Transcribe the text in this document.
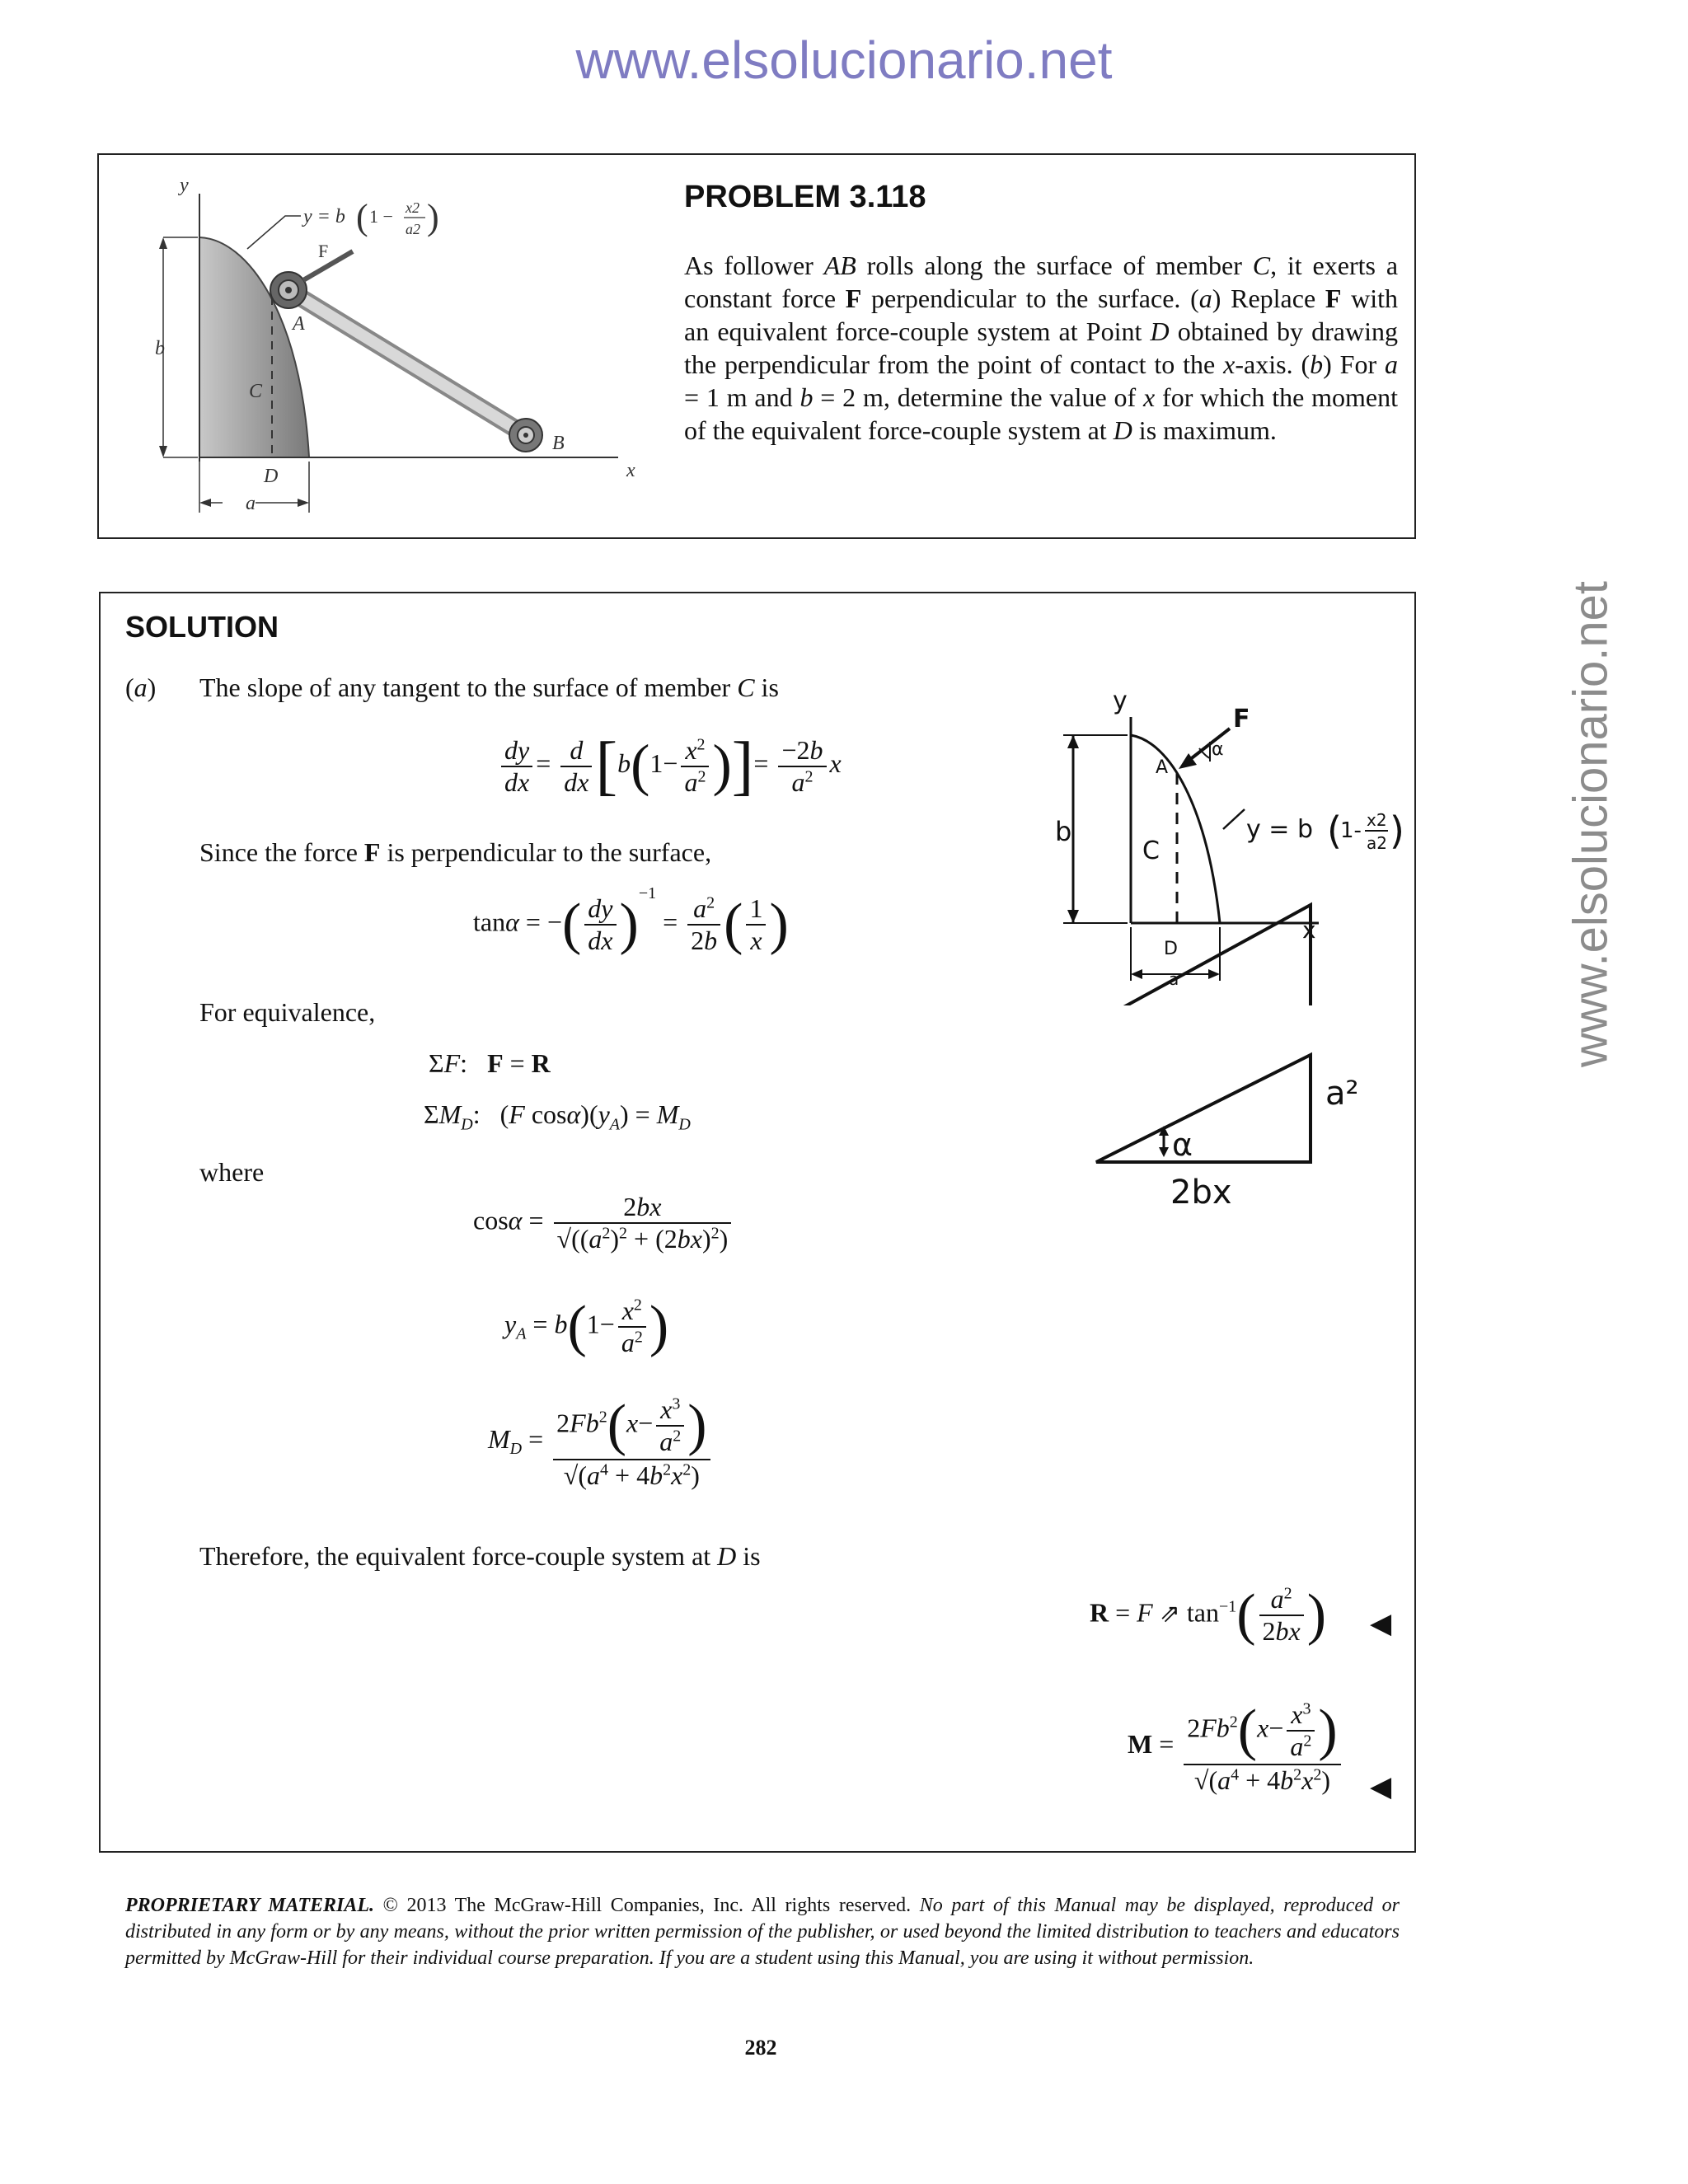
www.elsolucionario.net
www.elsolucionario.net
y
x
b
a
C
D
A
B
F
y = b ( 1 − x2
a2 )	PROBLEM 3.118
As follower AB rolls along the surface of member C, it exerts a constant force F perpendicular to the surface. (a) Replace F with an equivalent force-couple system at Point D obtained by drawing the perpendicular from the point of contact to the x-axis. (b) For a = 1 m and b = 2 m, determine the value of x for which the moment of the equivalent force-couple system at D is maximum.
SOLUTION
(a) The slope of any tangent to the surface of member C is
$\frac{dy}{dx} = \frac{d}{dx} [b(1- \frac{x^2}{a^2}$ )]= $\frac{-2b}{a^2}$ x
Since the force F is perpendicular to the surface,
tanα = −( $\frac{dy}{dx} )^{-1} = \frac{a^2}{2b}$ ( $\frac{1}{x}$ )
For equivalence,
ΣF:   F = R
$\Sigma M_D$:   (F $\cos\alpha)(y_A) = M_D$
where
$\cos\alpha = \frac{2bx}{√((a^2)^2 + (2bx)^2)}$
$y_A = b(1- \frac{x^2}{a^2}$ )
$M_D = \frac{2Fb^2(x- \frac{x^3}{a^2} )}{√(a^4 + 4b^2x^2)}$
Therefore, the equivalent force-couple system at D is
R = F ⇗ $\tan^{-1}( \frac{a^2}{2bx}$ ) ◀
$M = \frac{2Fb^2(x- \frac{x^3}{a^2} )}{√(a^4 + 4b^2x^2)}$ ◀
y
F
A
b
C
D
x
a
α
y = b (
1- x2
a2 )
α
a²
2bx
PROPRIETARY MATERIAL. © 2013 The McGraw-Hill Companies, Inc. All rights reserved. No part of this Manual may be displayed, reproduced or distributed in any form or by any means, without the prior written permission of the publisher, or used beyond the limited distribution to teachers and educators permitted by McGraw-Hill for their individual course preparation. If you are a student using this Manual, you are using it without permission.
282
